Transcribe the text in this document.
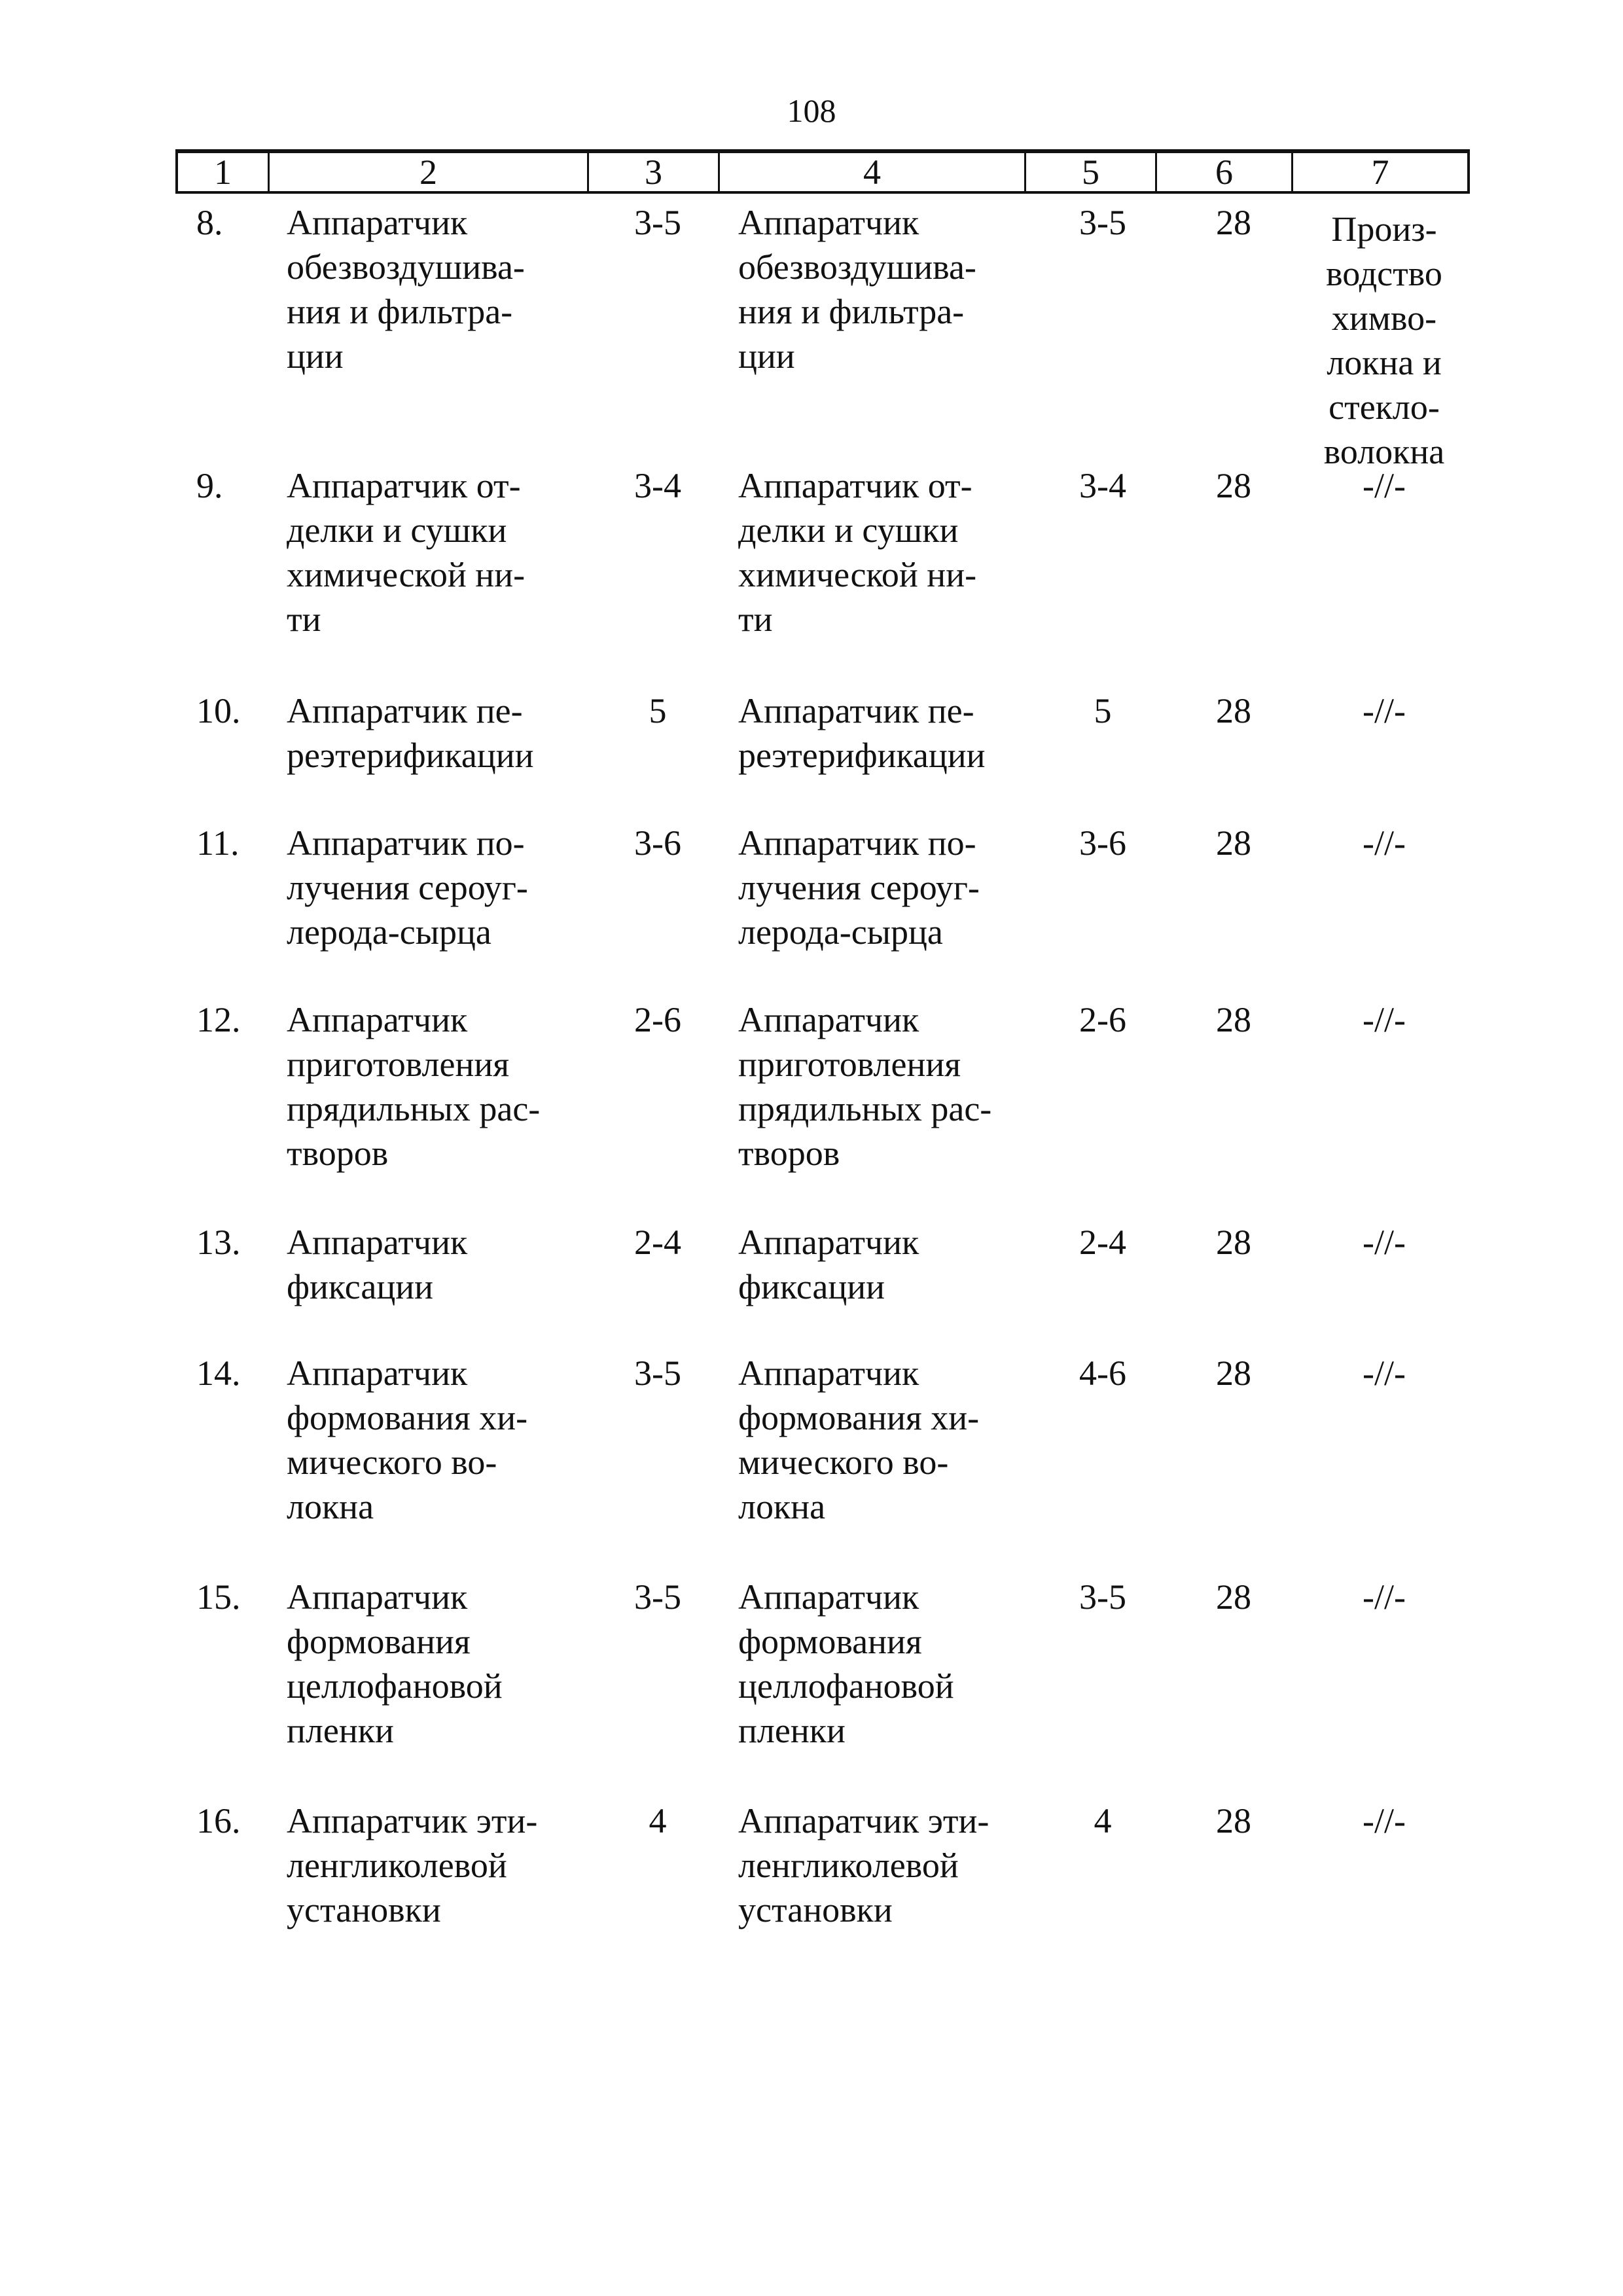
108
1	2	3	4	5	6	7
8. Аппаратчик
обезвоздушива-
ния и фильтра-
ции
3-5	Аппаратчик
обезвоздушива-
ния и фильтра-
ции
3-5	28	Произ-
водство
химво-
локна и
стекло-
волокна
9. Аппаратчик от-
делки и сушки
химической ни-
ти
3-4	Аппаратчик от-
делки и сушки
химической ни-
ти
3-4	28	-//-
10. Аппаратчик пе-
реэтерификации
5	Аппаратчик пе-
реэтерификации
5	28	-//-
11. Аппаратчик по-
лучения сероуг-
лерода-сырца
3-6	Аппаратчик по-
лучения сероуг-
лерода-сырца
3-6	28	-//-
12. Аппаратчик
приготовления
прядильных рас-
творов
2-6	Аппаратчик
приготовления
прядильных рас-
творов
2-6	28	-//-
13. Аппаратчик
фиксации
2-4	Аппаратчик
фиксации
2-4	28	-//-
14. Аппаратчик
формования хи-
мического во-
локна
3-5	Аппаратчик
формования хи-
мического во-
локна
4-6	28	-//-
15. Аппаратчик
формования
целлофановой
пленки
3-5	Аппаратчик
формования
целлофановой
пленки
3-5	28	-//-
16. Аппаратчик эти-
ленгликолевой
установки
4	Аппаратчик эти-
ленгликолевой
установки
4	28	-//-
